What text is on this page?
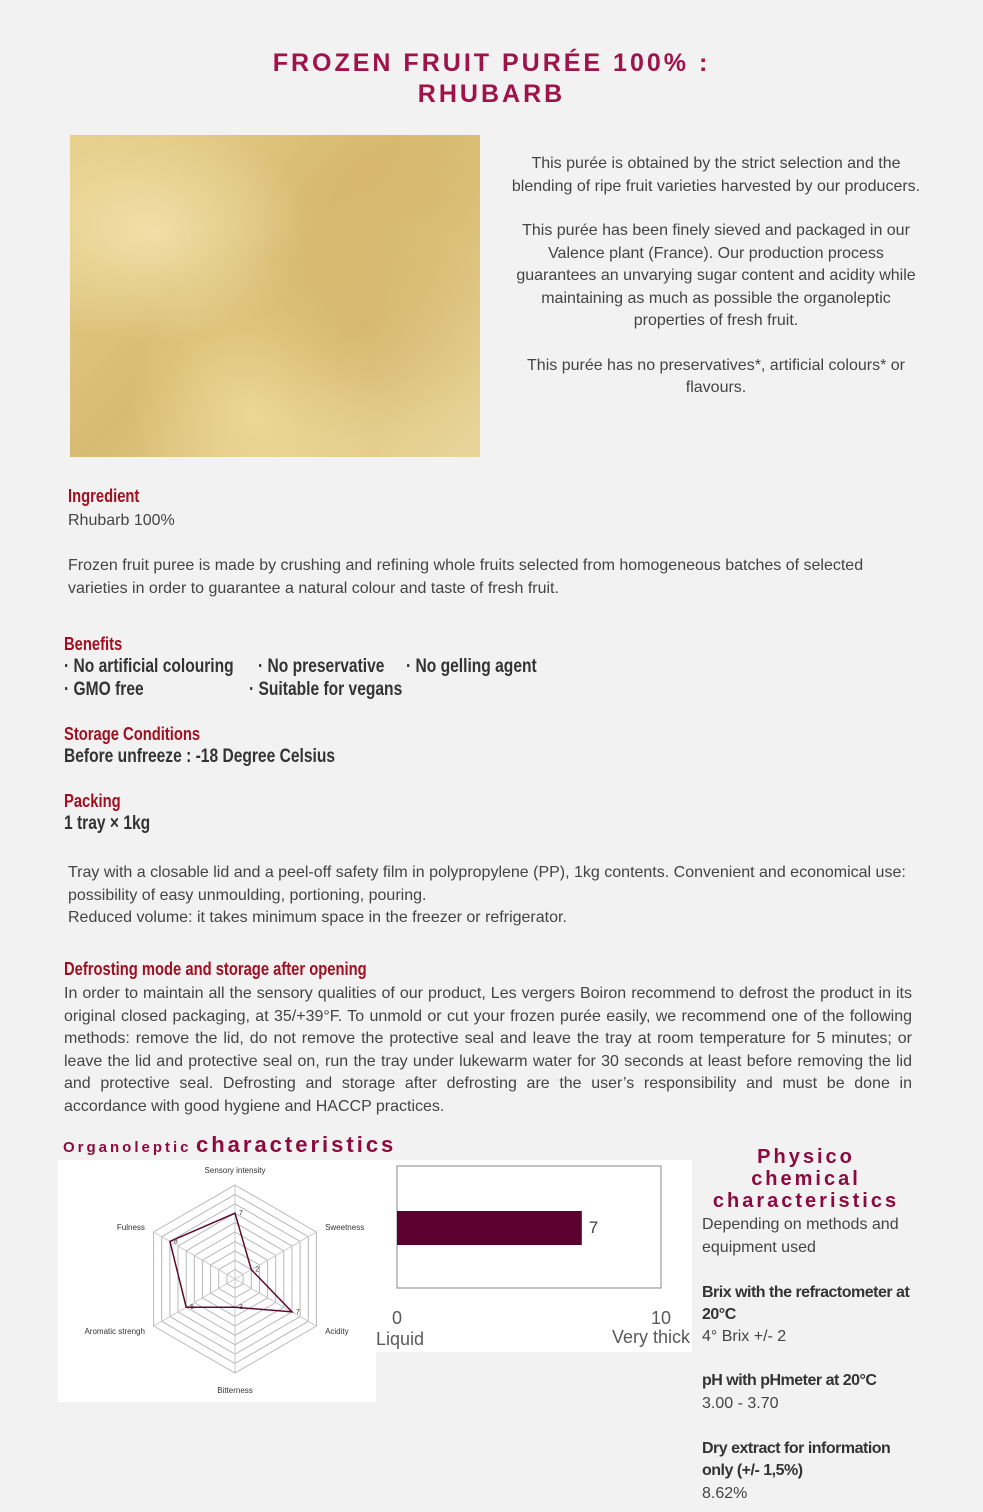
FROZEN FRUIT PURÉE 100% :
RHUBARB

This purée is obtained by the strict selection and the blending of ripe fruit varieties harvested by our producers.

This purée has been finely sieved and packaged in our Valence plant (France). Our production process guarantees an unvarying sugar content and acidity while maintaining as much as possible the organoleptic properties of fresh fruit.

This purée has no preservatives*, artificial colours* or flavours.

Ingredient
Rhubarb 100%
Frozen fruit puree is made by crushing and refining whole fruits selected from homogeneous batches of selected varieties in order to guarantee a natural colour and taste of fresh fruit.
Benefits
· No artificial colouring · No preservative · No gelling agent
· GMO free	· Suitable for vegans
Storage Conditions
Before unfreeze : -18 Degree Celsius
Packing
1 tray × 1kg
Tray with a closable lid and a peel-off safety film in polypropylene (PP), 1kg contents. Convenient and economical use: possibility of easy unmoulding, portioning, pouring.
Reduced volume: it takes minimum space in the freezer or refrigerator.
Defrosting mode and storage after opening
In order to maintain all the sensory qualities of our product, Les vergers Boiron recommend to defrost the product in its original closed packaging, at 35/+39°F. To unmold or cut your frozen purée easily, we recommend one of the following methods: remove the lid, do not remove the protective seal and leave the tray at room temperature for 5 minutes; or leave the lid and protective seal on, run the tray under lukewarm water for 30 seconds at least before removing the lid and protective seal. Defrosting and storage after defrosting are the user’s responsibility and must be done in accordance with good hygiene and HACCP practices.
Organoleptic characteristics
7
2
7
3
6
8
Sensory intensity
Sweetness
Acidity
Bitterness
Aromatic strengh
Fulness	7
0	10
Liquid	Very thick
Physico chemical characteristics
Depending on methods and equipment used
Brix with the refractometer at 20°C
4° Brix +/- 2
pH with pHmeter at 20°C
3.00 - 3.70
Dry extract for information only (+/- 1,5%)
8.62%
